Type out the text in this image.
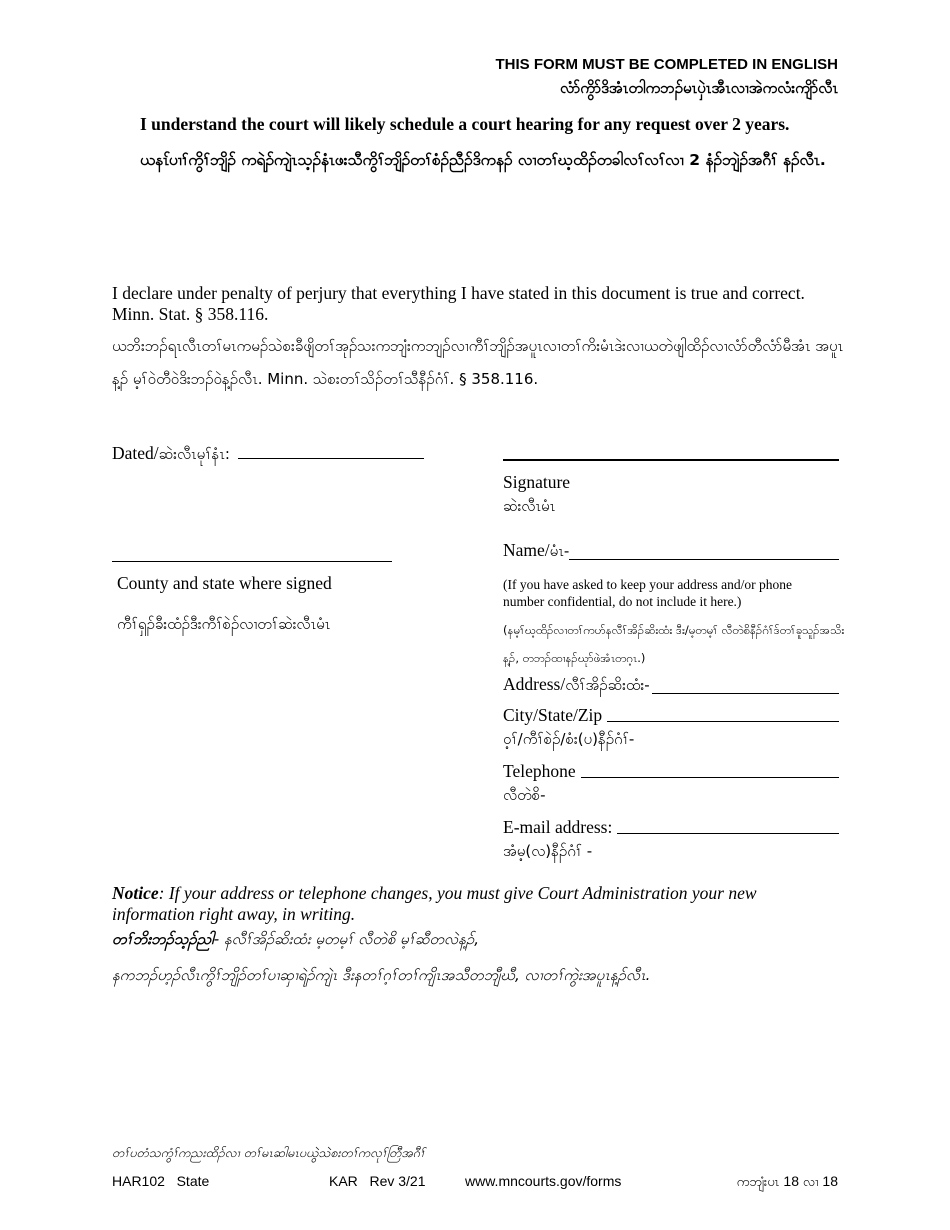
THIS FORM MUST BE COMPLETED IN ENGLISH
လံာ်ကွိာ်ဒိအံၤတါကဘၣ်မၤပှဲၤအီၤလၢအဲကလံးကျိာ်လီၤ
I understand the court will likely schedule a court hearing for any request over 2 years.
ယနၤ်ပၢၢ်ကွိၢ်ဘျိၣ် ကရဲၣ်ကျဲၤသ့ၣ်နံၤဖးသီကွိၢ်ဘျိၣ်တၢ်စံၣ်ညီၣ်ဒိကနၣ် လၢတၢ်ဃ့ထိၣ်တခါလၢ်လၢ်လၢ 2 နံၣ်ဘျဲၣ်အဂီၢ် နၣ်လီၤ.
I declare under penalty of perjury that everything I have stated in this document is true and correct. Minn. Stat. § 358.116.
ယဘိးဘၣ်ရၤလီၤတၢ်မၤကမၣ်သဲစးခီဖျိတၢ်အုၣ်သးကဘျံးကဘျၣ်လၢကီၢ်ဘျိၣ်အပူၤလၢတၢ်ကိးမံၤဒဲးလၢယတဲဖျါထိၣ်လၢလံာ်တီလံာ်မီအံၤ အပူၤန့ၣ် မ့ၢ်ဝဲတီဝဲဒိးဘၣ်ဝဲန့ၣ်လီၤ. Minn. သဲစးတၢ်သိၣ်တၢ်သီနီၣ်ဂံၢ်. § 358.116.
Dated/ဆဲးလီၤမုၢ်နံၤ:
Signature
ဆဲးလီၤမံၤ
Name/မံၤ-
County and state where signed
ကီၢ်ရှၣ်ခီးထံၣ်ဒီးကီၢ်စဲၣ်လၢတၢ်ဆဲးလီၤမံၤ
(If you have asked to keep your address and/or phone number confidential, do not include it here.)
(နမ့ၢ်ဃ့ထိၣ်လၢတၢ်ကဟ်နလီၢ်အိၣ်ဆိးထံး ဒီး/မ့တမ့ၢ် လီတဲစိနီၣ်ဂံၢ်ဒ်တၢ်ခူသူၣ်အသိးန့ၣ်, တဘၣ်ထၢနၣ်ဃုာ်ဖဲအံၤတဂ့ၤ.)
Address/လီၢ်အိၣ်ဆိးထံး-
City/State/Zip
ဝ့ၢ်/ကီၢ်စဲၣ်/စံး(ပ)နီၣ်ဂံၢ်-
Telephone
လီတဲစိ-
E-mail address:
အံမ့(လ)နီၣ်ဂံၢ် -
Notice: If your address or telephone changes, you must give Court Administration your new information right away, in writing.
တၢ်ဘိးဘၣ်သ့ၣ်ညါ- နလီၢ်အိၣ်ဆိးထံး မ့တမ့ၢ် လီတဲစိ မ့ၢ်ဆီတလဲန့ၣ်,
နကဘၣ်ဟ့ၣ်လီၤကွိၢ်ဘျိၣ်တၢ်ပၢဆှၢရဲၣ်ကျဲၤ ဒီးနတၢ်ဂ့ၢ်တၢ်ကျိၤအသီတဘျီဃီ, လၢတၢ်ကွဲးအပူၤန့ၣ်လီၤ.
တၢ်ပတံသကွံၢ်ကညးထိၣ်လၢ တၢ်မၤဆါမၤပယွဲသဲစးတၢ်ကလုၢ်တြီအဂီၢ်
HAR102 State	KAR   Rev 3/21	www.mncourts.gov/forms	ကဘျံးပၤ 18 လၢ 18
